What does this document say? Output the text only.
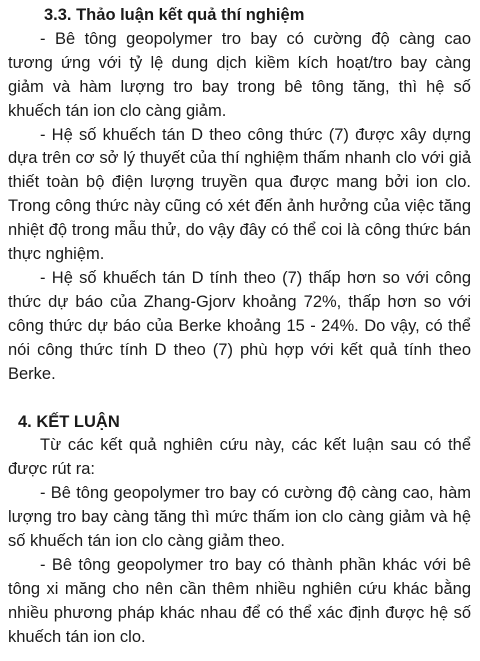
3.3. Thảo luận kết quả thí nghiệm

- Bê tông geopolymer tro bay có cường độ càng cao tương ứng với tỷ lệ dung dịch kiềm kích hoạt/tro bay càng giảm và hàm lượng tro bay trong bê tông tăng, thì hệ số khuếch tán ion clo càng giảm.

- Hệ số khuếch tán D theo công thức (7) được xây dựng dựa trên cơ sở lý thuyết của thí nghiệm thấm nhanh clo với giả thiết toàn bộ điện lượng truyền qua được mang bởi ion clo. Trong công thức này cũng có xét đến ảnh hưởng của việc tăng nhiệt độ trong mẫu thử, do vậy đây có thể coi là công thức bán thực nghiệm.

- Hệ số khuếch tán D tính theo (7) thấp hơn so với công thức dự báo của Zhang-Gjorv khoảng 72%, thấp hơn so với công thức dự báo của Berke khoảng 15 - 24%. Do vậy, có thể nói công thức tính D theo (7) phù hợp với kết quả tính theo Berke.

4. KẾT LUẬN

Từ các kết quả nghiên cứu này, các kết luận sau có thể được rút ra:

- Bê tông geopolymer tro bay có cường độ càng cao, hàm lượng tro bay càng tăng thì mức thấm ion clo càng giảm và hệ số khuếch tán ion clo càng giảm theo.

- Bê tông geopolymer tro bay có thành phần khác với bê tông xi măng cho nên cần thêm nhiều nghiên cứu khác bằng nhiều phương pháp khác nhau để có thể xác định được hệ số khuếch tán ion clo.
